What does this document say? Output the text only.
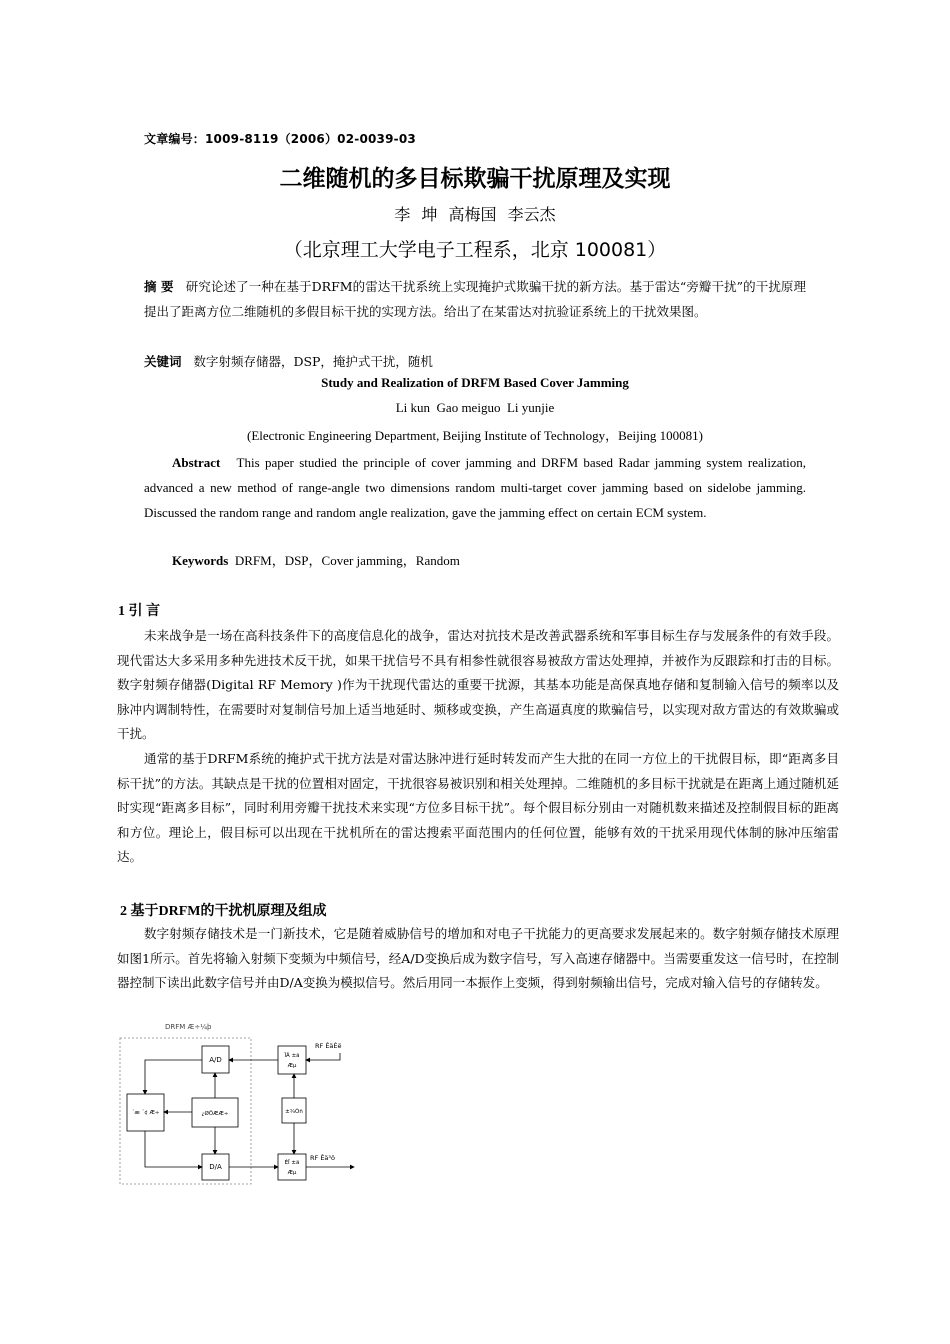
文章编号：1009-8119（2006）02-0039-03
二维随机的多目标欺骗干扰原理及实现
李 坤 高梅国 李云杰
（北京理工大学电子工程系，北京 100081）
摘 要 研究论述了一种在基于DRFM的雷达干扰系统上实现掩护式欺骗干扰的新方法。基于雷达“旁瓣干扰”的干扰原理提出了距离方位二维随机的多假目标干扰的实现方法。给出了在某雷达对抗验证系统上的干扰效果图。
关键词 数字射频存储器，DSP，掩护式干扰，随机
Study and Realization of DRFM Based Cover Jamming
Li kun  Gao meiguo  Li yunjie
(Electronic Engineering Department, Beijing Institute of Technology，Beijing 100081)
Abstract This paper studied the principle of cover jamming and DRFM based Radar jamming system realization, advanced a new method of range-angle two dimensions random multi-target cover jamming based on sidelobe jamming. Discussed the random range and random angle realization, gave the jamming effect on certain ECM system.
Keywords DRFM，DSP，Cover jamming，Random
1 引 言
未来战争是一场在高科技条件下的高度信息化的战争，雷达对抗技术是改善武器系统和军事目标生存与发展条件的有效手段。现代雷达大多采用多种先进技术反干扰，如果干扰信号不具有相参性就很容易被敌方雷达处理掉，并被作为反跟踪和打击的目标。数字射频存储器(Digital RF Memory )作为干扰现代雷达的重要干扰源，其基本功能是高保真地存储和复制输入信号的频率以及脉冲内调制特性，在需要时对复制信号加上适当地延时、频移或变换，产生高逼真度的欺骗信号，以实现对敌方雷达的有效欺骗或干扰。
通常的基于DRFM系统的掩护式干扰方法是对雷达脉冲进行延时转发而产生大批的在同一方位上的干扰假目标，即“距离多目标干扰”的方法。其缺点是干扰的位置相对固定，干扰很容易被识别和相关处理掉。二维随机的多目标干扰就是在距离上通过随机延时实现“距离多目标”，同时利用旁瓣干扰技术来实现“方位多目标干扰”。每个假目标分别由一对随机数来描述及控制假目标的距离和方位。理论上，假目标可以出现在干扰机所在的雷达搜索平面范围内的任何位置，能够有效的干扰采用现代体制的脉冲压缩雷达。
2 基于DRFM的干扰机原理及组成
数字射频存储技术是一门新技术，它是随着威胁信号的增加和对电子干扰能力的更高要求发展起来的。数字射频存储技术原理如图1所示。首先将输入射频下变频为中频信号，经A/D变换后成为数字信号，写入高速存储器中。当需要重发这一信号时，在控制器控制下读出此数字信号并由D/A变换为模拟信号。然后用同一本振作上变频，得到射频输出信号，完成对输入信号的存储转发。
DRFM Æ÷¼þ
A/D
´æ ´¢ Æ÷	¿ØÖÆÆ÷
D/A
ÏÂ ±ä
Æµ
±¾Õñ
ÉÏ ±ä
Æµ
RF ÊäÈë
RF Êä³ö
